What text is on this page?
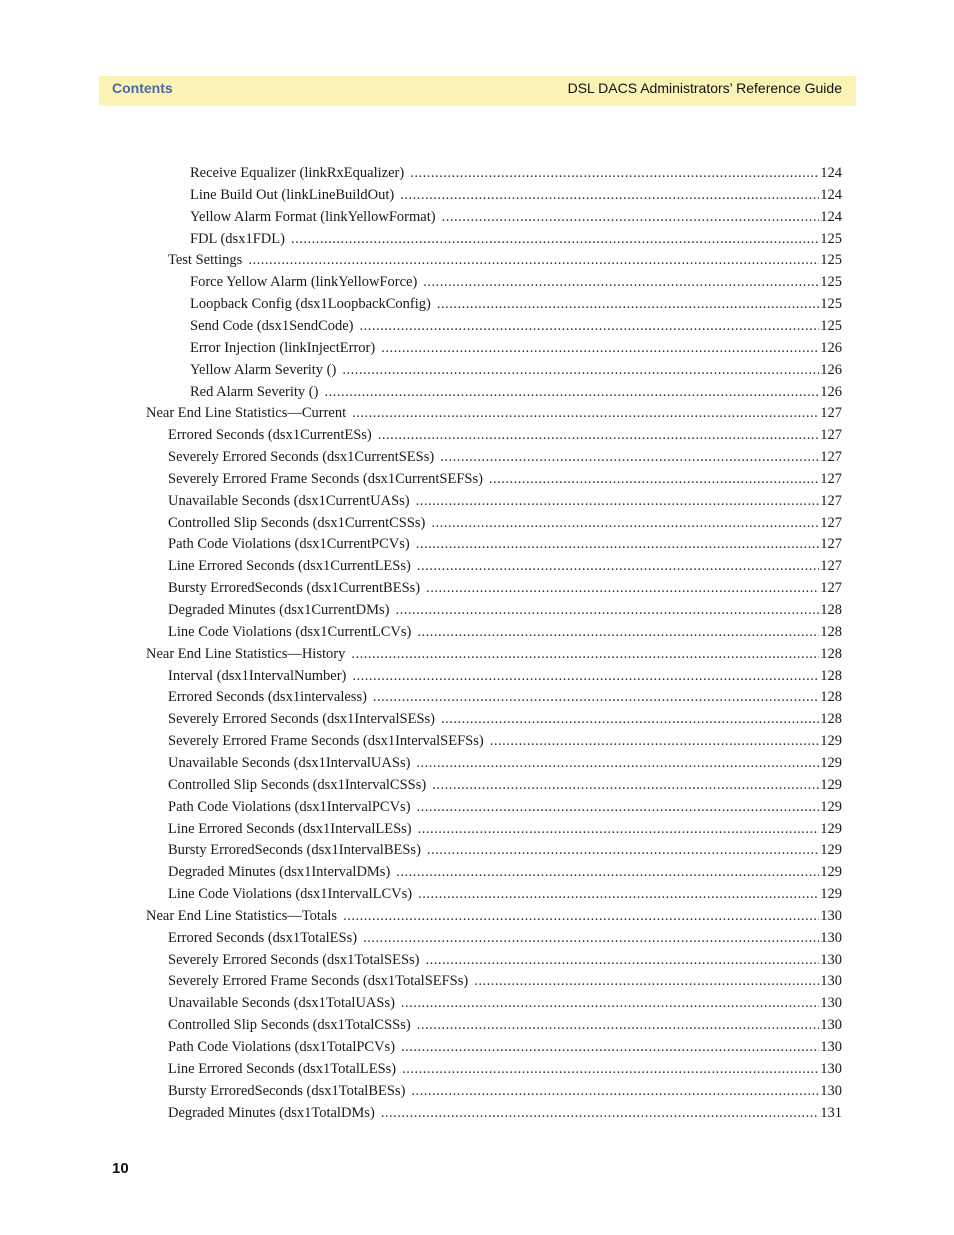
Contents	DSL DACS Administrators’ Reference Guide
Receive Equalizer (linkRxEqualizer) .....	124
Line Build Out (linkLineBuildOut) .....	124
Yellow Alarm Format (linkYellowFormat) .....	124
FDL (dsx1FDL) .....	125
Test Settings .....	125
Force Yellow Alarm (linkYellowForce) .....	125
Loopback Config (dsx1LoopbackConfig) .....	125
Send Code (dsx1SendCode) .....	125
Error Injection (linkInjectError) .....	126
Yellow Alarm Severity () .....	126
Red Alarm Severity () .....	126
Near End Line Statistics—Current .....	127
Errored Seconds (dsx1CurrentESs) .....	127
Severely Errored Seconds (dsx1CurrentSESs) .....	127
Severely Errored Frame Seconds (dsx1CurrentSEFSs) .....	127
Unavailable Seconds (dsx1CurrentUASs) .....	127
Controlled Slip Seconds (dsx1CurrentCSSs) .....	127
Path Code Violations (dsx1CurrentPCVs) .....	127
Line Errored Seconds (dsx1CurrentLESs) .....	127
Bursty ErroredSeconds (dsx1CurrentBESs) .....	127
Degraded Minutes (dsx1CurrentDMs) .....	128
Line Code Violations (dsx1CurrentLCVs) .....	128
Near End Line Statistics—History .....	128
Interval (dsx1IntervalNumber) .....	128
Errored Seconds (dsx1intervaless) .....	128
Severely Errored Seconds (dsx1IntervalSESs) .....	128
Severely Errored Frame Seconds (dsx1IntervalSEFSs) .....	129
Unavailable Seconds (dsx1IntervalUASs) .....	129
Controlled Slip Seconds (dsx1IntervalCSSs) .....	129
Path Code Violations (dsx1IntervalPCVs) .....	129
Line Errored Seconds (dsx1IntervalLESs) .....	129
Bursty ErroredSeconds (dsx1IntervalBESs) .....	129
Degraded Minutes (dsx1IntervalDMs) .....	129
Line Code Violations (dsx1IntervalLCVs) .....	129
Near End Line Statistics—Totals .....	130
Errored Seconds (dsx1TotalESs) .....	130
Severely Errored Seconds (dsx1TotalSESs) .....	130
Severely Errored Frame Seconds (dsx1TotalSEFSs) .....	130
Unavailable Seconds (dsx1TotalUASs) .....	130
Controlled Slip Seconds (dsx1TotalCSSs) .....	130
Path Code Violations (dsx1TotalPCVs) .....	130
Line Errored Seconds (dsx1TotalLESs) .....	130
Bursty ErroredSeconds (dsx1TotalBESs) .....	130
Degraded Minutes (dsx1TotalDMs) .....	131
10
